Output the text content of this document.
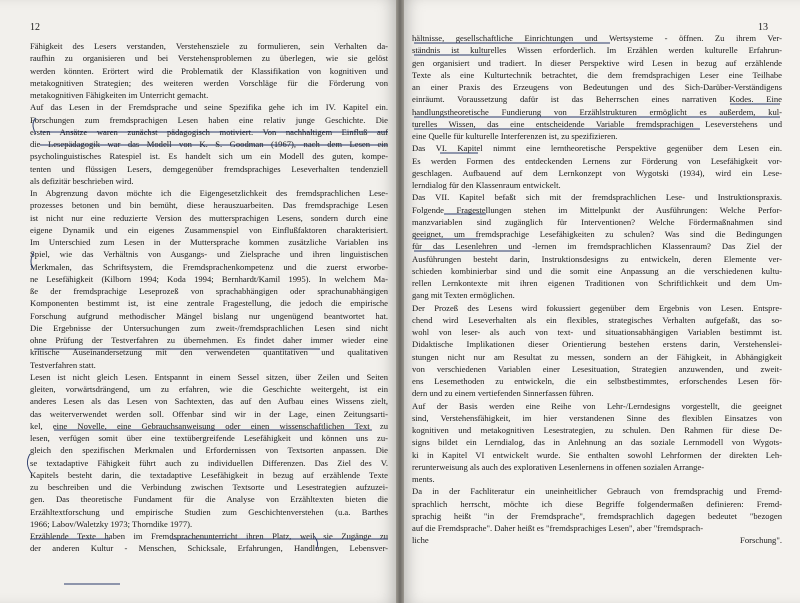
12
Fähigkeit des Lesers verstanden, Verstehensziele zu formulieren, sein Verhalten da-
raufhin zu organisieren und bei Verstehensproblemen zu überlegen, wie sie gelöst
werden könnten. Erörtert wird die Problematik der Klassifikation von kognitiven und
metakognitiven Strategien; des weiteren werden Vorschläge für die Förderung von
metakognitiven Fähigkeiten im Unterricht gemacht.
Auf das Lesen in der Fremdsprache und seine Spezifika gehe ich im IV. Kapitel ein.
Forschungen zum fremdsprachigen Lesen haben eine relativ junge Geschichte. Die
ersten Ansätze waren zunächst pädagogisch motiviert. Von nachhaltigem Einfluß auf
die Lesepädagogik war das Modell von K. S. Goodman (1967), nach dem Lesen ein
psycholinguistisches Ratespiel ist. Es handelt sich um ein Modell des guten, kompe-
tenten und flüssigen Lesers, demgegenüber fremdsprachiges Leseverhalten tendenziell
als defizitär beschrieben wird.
In Abgrenzung davon möchte ich die Eigengesetzlichkeit des fremdsprachlichen Lese-
prozesses betonen und bin bemüht, diese herauszuarbeiten. Das fremdsprachige Lesen
ist nicht nur eine reduzierte Version des muttersprachigen Lesens, sondern durch eine
eigene Dynamik und ein eigenes Zusammenspiel von Einflußfaktoren charakterisiert.
Im Unterschied zum Lesen in der Muttersprache kommen zusätzliche Variablen ins
Spiel, wie das Verhältnis von Ausgangs- und Zielsprache und ihren linguistischen
Merkmalen, das Schriftsystem, die Fremdsprachenkompetenz und die zuerst erworbe-
ne Lesefähigkeit (Kilborn 1994; Koda 1994; Bernhardt/Kamil 1995). In welchem Ma-
ße der fremdsprachige Leseprozeß von sprachabhängigen oder sprachunabhängigen
Komponenten bestimmt ist, ist eine zentrale Fragestellung, die jedoch die empirische
Forschung aufgrund methodischer Mängel bislang nur ungenügend beantwortet hat.
Die Ergebnisse der Untersuchungen zum zweit-/fremdsprachlichen Lesen sind nicht
ohne Prüfung der Testverfahren zu übernehmen. Es findet daher immer wieder eine
kritische Auseinandersetzung mit den verwendeten quantitativen und qualitativen
Testverfahren statt.
Lesen ist nicht gleich Lesen. Entspannt in einem Sessel sitzen, über Zeilen und Seiten
gleiten, vorwärtsdrängend, um zu erfahren, wie die Geschichte weitergeht, ist ein
anderes Lesen als das Lesen von Sachtexten, das auf den Aufbau eines Wissens zielt,
das weiterverwendet werden soll. Offenbar sind wir in der Lage, einen Zeitungsarti-
kel, eine Novelle, eine Gebrauchsanweisung oder einen wissenschaftlichen Text zu
lesen, verfügen somit über eine textübergreifende Lesefähigkeit und können uns zu-
gleich den spezifischen Merkmalen und Erfordernissen von Textsorten anpassen. Die
se textadaptive Fähigkeit führt auch zu individuellen Differenzen. Das Ziel des V.
Kapitels besteht darin, die textadaptive Lesefähigkeit in bezug auf erzählende Texte
zu beschreiben und die Verbindung zwischen Textsorte und Lesestrategien aufzuzei-
gen. Das theoretische Fundament für die Analyse von Erzähltexten bieten die
Erzähltextforschung und empirische Studien zum Geschichtenverstehen (u.a. Barthes
1966; Labov/Waletzky 1973; Thorndike 1977).
Erzählende Texte haben im Fremdsprachenunterricht ihren Platz, weil sie Zugänge zu
der anderen Kultur - Menschen, Schicksale, Erfahrungen, Handlungen, Lebensver-
13
hältnisse, gesellschaftliche Einrichtungen und Wertsysteme - öffnen. Zu ihrem Ver-
ständnis ist kulturelles Wissen erforderlich. Im Erzählen werden kulturelle Erfahrun-
gen organisiert und tradiert. In dieser Perspektive wird Lesen in bezug auf erzählende
Texte als eine Kulturtechnik betrachtet, die dem fremdsprachigen Leser eine Teilhabe
an einer Praxis des Erzeugens von Bedeutungen und des Sich-Darüber-Verständigens
einräumt. Voraussetzung dafür ist das Beherrschen eines narrativen Kodes. Eine
handlungstheoretische Fundierung von Erzählstrukturen ermöglicht es außerdem, kul-
turelles Wissen, das eine entscheidende Variable fremdsprachigen Leseverstehens und
eine Quelle für kulturelle Interferenzen ist, zu spezifizieren.
Das VI. Kapitel nimmt eine lerntheoretische Perspektive gegenüber dem Lesen ein.
Es werden Formen des entdeckenden Lernens zur Förderung von Lesefähigkeit vor-
geschlagen. Aufbauend auf dem Lernkonzept von Wygotski (1934), wird ein Lese-
lerndialog für den Klassenraum entwickelt.
Das VII. Kapitel befaßt sich mit der fremdsprachlichen Lese- und Instruktionspraxis.
Folgende Fragestellungen stehen im Mittelpunkt der Ausführungen: Welche Perfor-
manzvariablen sind zugänglich für Interventionen? Welche Fördermaßnahmen sind
geeignet, um fremdsprachige Lesefähigkeiten zu schulen? Was sind die Bedingungen
für das Lesenlehren und -lernen im fremdsprachlichen Klassenraum? Das Ziel der
Ausführungen besteht darin, Instruktionsdesigns zu entwickeln, deren Elemente ver-
schieden kombinierbar sind und die somit eine Anpassung an die verschiedenen kultu-
rellen Lernkontexte mit ihren eigenen Traditionen von Schriftlichkeit und dem Um-
gang mit Texten ermöglichen.
Der Prozeß des Lesens wird fokussiert gegenüber dem Ergebnis von Lesen. Entspre-
chend wird Leseverhalten als ein flexibles, strategisches Verhalten aufgefaßt, das so-
wohl von leser- als auch von text- und situationsabhängigen Variablen bestimmt ist.
Didaktische Implikationen dieser Orientierung bestehen erstens darin, Verstehenslei-
stungen nicht nur am Resultat zu messen, sondern an der Fähigkeit, in Abhängigkeit
von verschiedenen Variablen einer Lesesituation, Strategien anzuwenden, und zweit-
ens Lesemethoden zu entwickeln, die ein selbstbestimmtes, erforschendes Lesen för-
dern und zu einem vertiefenden Sinnerfassen führen.
Auf der Basis werden eine Reihe von Lehr-/Lerndesigns vorgestellt, die geeignet
sind, Verstehensfähigkeit, im hier verstandenen Sinne des flexiblen Einsatzes von
kognitiven und metakognitiven Lesestrategien, zu schulen. Den Rahmen für diese De-
signs bildet ein Lerndialog, das in Anlehnung an das soziale Lernmodell von Wygots-
ki in Kapitel VI entwickelt wurde. Sie enthalten sowohl Lehrformen der direkten Leh-
rerunterweisung als auch des explorativen Lesenlernens in offenen sozialen Arrange-
ments.
Da in der Fachliteratur ein uneinheitlicher Gebrauch von fremdsprachig und Fremd-
sprachlich herrscht, möchte ich diese Begriffe folgendermaßen definieren: Fremd-
sprachig heißt "in der Fremdsprache", fremdsprachlich dagegen bedeutet "bezogen
auf die Fremdsprache". Daher heißt es "fremdsprachiges Lesen", aber "fremdsprach-
liche Forschung".
